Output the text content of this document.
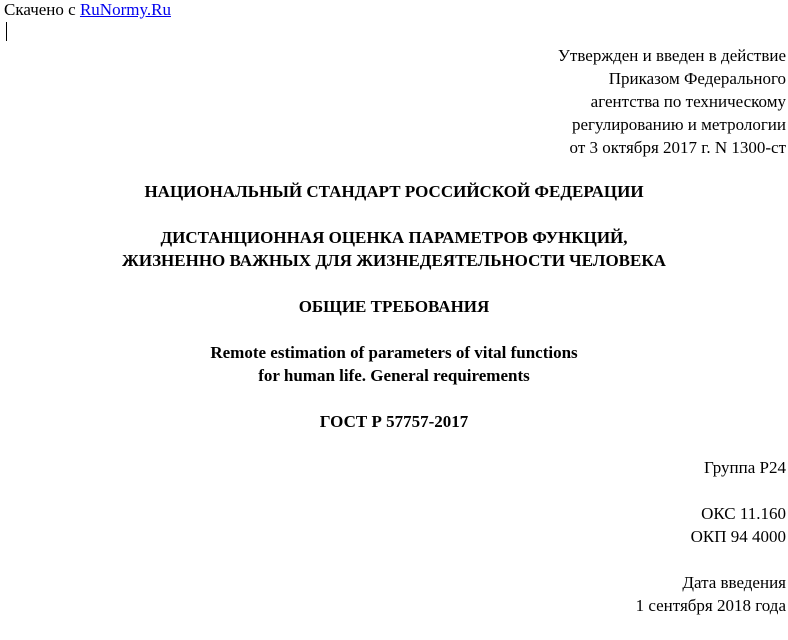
Скачено с RuNormy.Ru
Утвержден и введен в действие
Приказом Федерального
агентства по техническому
регулированию и метрологии
от 3 октября 2017 г. N 1300-ст
НАЦИОНАЛЬНЫЙ СТАНДАРТ РОССИЙСКОЙ ФЕДЕРАЦИИ
ДИСТАНЦИОННАЯ ОЦЕНКА ПАРАМЕТРОВ ФУНКЦИЙ,
ЖИЗНЕННО ВАЖНЫХ ДЛЯ ЖИЗНЕДЕЯТЕЛЬНОСТИ ЧЕЛОВЕКА
ОБЩИЕ ТРЕБОВАНИЯ
Remote estimation of parameters of vital functions
for human life. General requirements
ГОСТ Р 57757-2017
Группа Р24
ОКС 11.160
ОКП 94 4000
Дата введения
1 сентября 2018 года
